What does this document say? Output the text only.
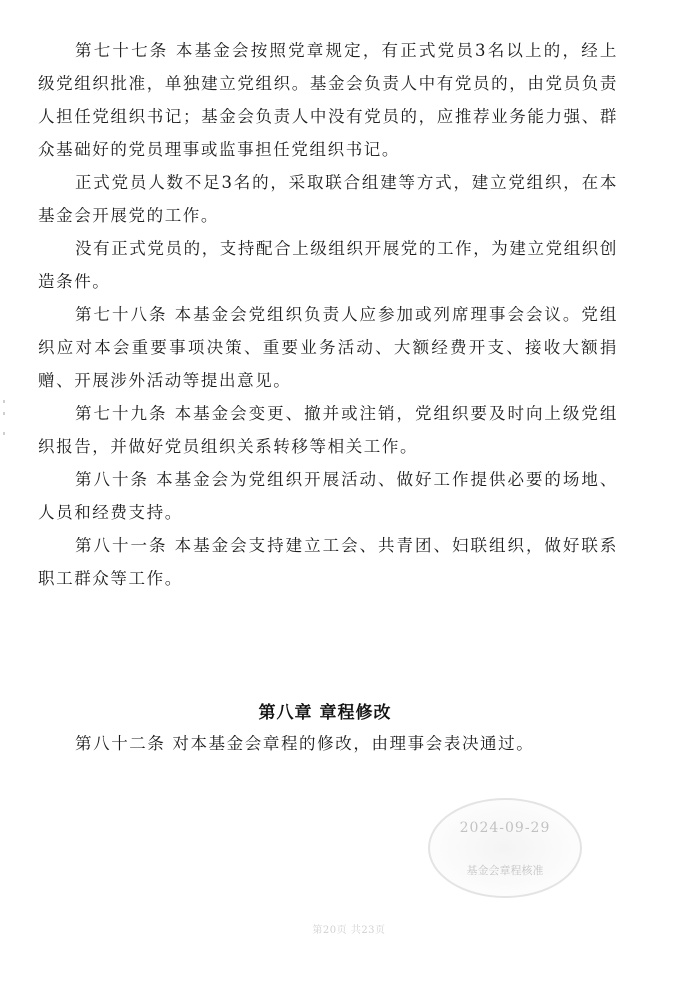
第七十七条 本基金会按照党章规定，有正式党员3名以上的，经上级党组织批准，单独建立党组织。基金会负责人中有党员的，由党员负责人担任党组织书记；基金会负责人中没有党员的，应推荐业务能力强、群众基础好的党员理事或监事担任党组织书记。

正式党员人数不足3名的，采取联合组建等方式，建立党组织，在本基金会开展党的工作。

没有正式党员的，支持配合上级组织开展党的工作，为建立党组织创造条件。

第七十八条 本基金会党组织负责人应参加或列席理事会会议。党组织应对本会重要事项决策、重要业务活动、大额经费开支、接收大额捐赠、开展涉外活动等提出意见。

第七十九条 本基金会变更、撤并或注销，党组织要及时向上级党组织报告，并做好党员组织关系转移等相关工作。

第八十条 本基金会为党组织开展活动、做好工作提供必要的场地、人员和经费支持。

第八十一条 本基金会支持建立工会、共青团、妇联组织，做好联系职工群众等工作。

第八章 章程修改

第八十二条 对本基金会章程的修改，由理事会表决通过。

2024-09-29
基金会章程核准
第20页 共23页
